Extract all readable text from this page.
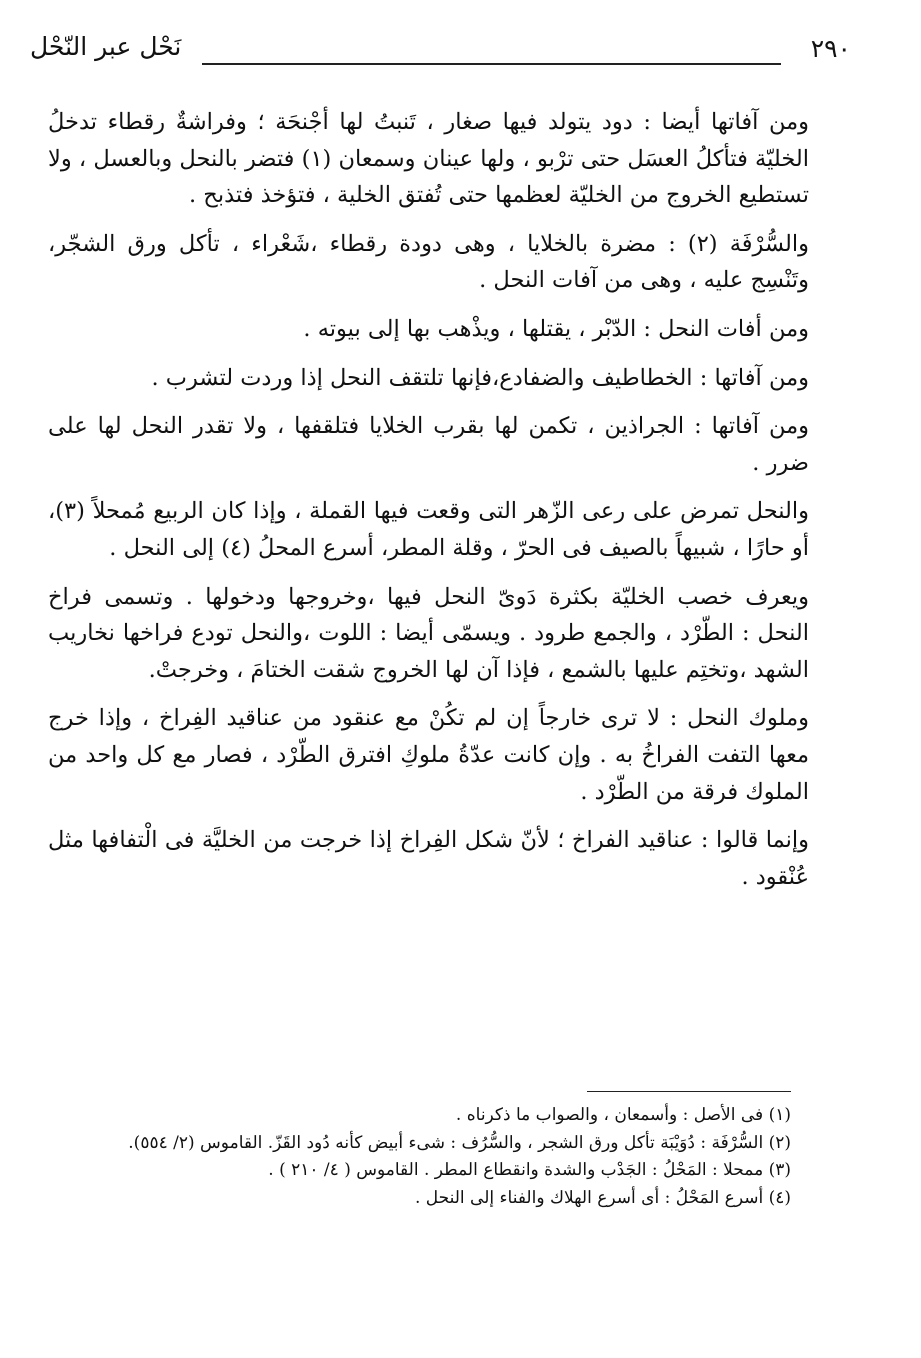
٢٩٠
نَحْل عبر النّحْل

ومن آفاتها أيضا : دود يتولد فيها صغار ، تَنبتُ لها أجْنحَة ؛ وفراشةٌ رقطاء تدخلُ الخليّة فتأكلُ العسَل حتى ترْبو ، ولها عينان وسمعان (١) فتضر بالنحل وبالعسل ، ولا تستطيع الخروج من الخليّة لعظمها حتى تُفتق الخلية ، فتؤخذ فتذبح .

والسُّرْفَة (٢) : مضرة بالخلايا ، وهى دودة رقطاء ،شَعْراء ، تأكل ورق الشجّر، وتَنْسِج عليه ، وهى من آفات النحل .

ومن أفات النحل : الدّبْر ، يقتلها ، ويذْهب بها إلى بيوته .

ومن آفاتها : الخطاطيف والضفادع،فإنها تلتقف النحل إذا وردت لتشرب .

ومن آفاتها : الجراذين ، تكمن لها بقرب الخلايا فتلقفها ، ولا تقدر النحل لها على ضرر .

والنحل تمرض على رعى الزّهر التى وقعت فيها القملة ، وإذا كان الربيع مُمحلاً (٣)، أو حارًا ، شبيهاً بالصيف فى الحرّ ، وقلة المطر، أسرع المحلُ (٤) إلى النحل .

ويعرف خصب الخليّة بكثرة دَوىّ النحل فيها ،وخروجها ودخولها . وتسمى فراخ النحل : الطّرْد ، والجمع طرود . ويسمّى أيضا : اللوت ،والنحل تودع فراخها نخاريب الشهد ،وتختِم عليها بالشمع ، فإذا آن لها الخروج شقت الختامَ ، وخرجتْ.

وملوك النحل : لا ترى خارجاً إن لم تكُنْ مع عنقود من عناقيد الفِراخ ، وإذا خرج معها التفت الفراخُ به . وإن كانت عدّةُ ملوكِ افترق الطّرْد ، فصار مع كل واحد من الملوك فرقة من الطّرْد .

وإنما قالوا : عناقيد الفراخ ؛ لأنّ شكل الفِراخ إذا خرجت من الخليَّة فى الْتفافها مثل عُنْقود .

(١) فى الأصل : وأسمعان ، والصواب ما ذكرناه .

(٢) السُّرْفَة : دُوَيْبَة تأكل ورق الشجر ، والسُّرُف : شىء أبيض كأنه دُود القَزّ. القاموس (٢/ ٥٥٤).

(٣) ممحلا : المَحْلُ : الجَدْب والشدة وانقطاع المطر . القاموس ( ٤/ ٢١٠ ) .

(٤) أسرع المَحْلُ : أى أسرع الهلاك والفناء إلى النحل .
